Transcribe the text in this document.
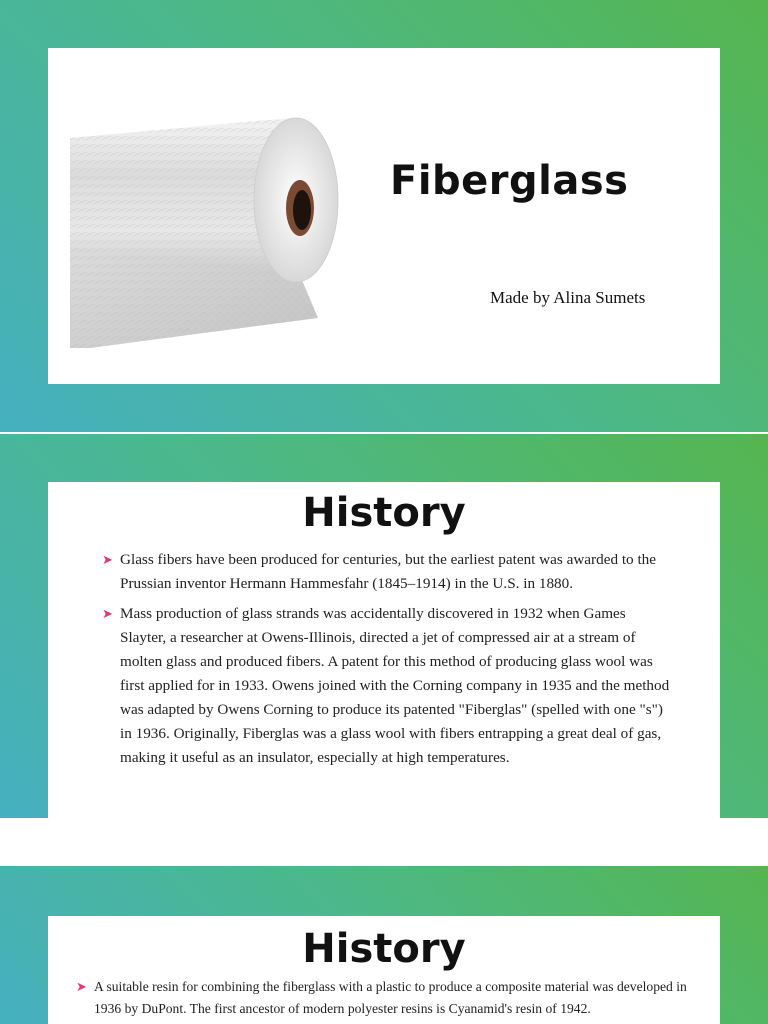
Fiberglass
Made by Alina Sumets
History
➤ Glass fibers have been produced for centuries, but the earliest patent was awarded to the Prussian inventor Hermann Hammesfahr (1845–1914) in the U.S. in 1880.
➤ Mass production of glass strands was accidentally discovered in 1932 when Games Slayter, a researcher at Owens-Illinois, directed a jet of compressed air at a stream of molten glass and produced fibers. A patent for this method of producing glass wool was first applied for in 1933. Owens joined with the Corning company in 1935 and the method was adapted by Owens Corning to produce its patented "Fiberglas" (spelled with one "s") in 1936. Originally, Fiberglas was a glass wool with fibers entrapping a great deal of gas, making it useful as an insulator, especially at high temperatures.
History
➤ A suitable resin for combining the fiberglass with a plastic to produce a composite material was developed in 1936 by DuPont. The first ancestor of modern polyester resins is Cyanamid's resin of 1942.
